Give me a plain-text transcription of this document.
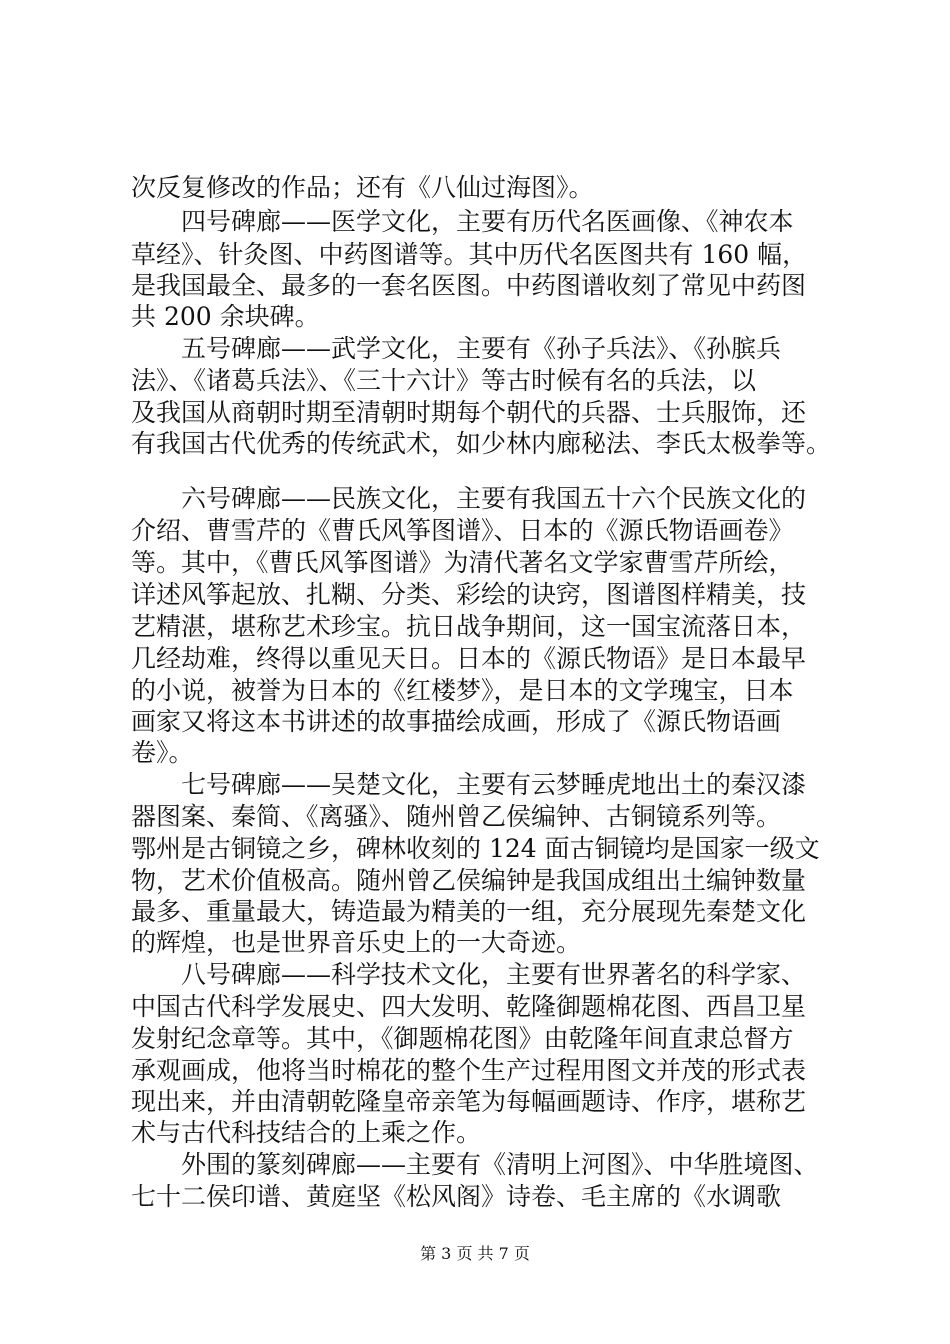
次反复修改的作品；还有《八仙过海图》。
四号碑廊——医学文化，主要有历代名医画像、《神农本
草经》、针灸图、中药图谱等。其中历代名医图共有 160 幅，
是我国最全、最多的一套名医图。中药图谱收刻了常见中药图
共 200 余块碑。
五号碑廊——武学文化，主要有《孙子兵法》、《孙膑兵
法》、《诸葛兵法》、《三十六计》等古时候有名的兵法，以
及我国从商朝时期至清朝时期每个朝代的兵器、士兵服饰，还
有我国古代优秀的传统武术，如少林内廊秘法、李氏太极拳等。
六号碑廊——民族文化，主要有我国五十六个民族文化的
介绍、曹雪芹的《曹氏风筝图谱》、日本的《源氏物语画卷》
等。其中，《曹氏风筝图谱》为清代著名文学家曹雪芹所绘，
详述风筝起放、扎糊、分类、彩绘的诀窍，图谱图样精美，技
艺精湛，堪称艺术珍宝。抗日战争期间，这一国宝流落日本，
几经劫难，终得以重见天日。日本的《源氏物语》是日本最早
的小说，被誉为日本的《红楼梦》，是日本的文学瑰宝，日本
画家又将这本书讲述的故事描绘成画，形成了《源氏物语画
卷》。
七号碑廊——吴楚文化，主要有云梦睡虎地出土的秦汉漆
器图案、秦简、《离骚》、随州曾乙侯编钟、古铜镜系列等。
鄂州是古铜镜之乡，碑林收刻的 124 面古铜镜均是国家一级文
物，艺术价值极高。随州曾乙侯编钟是我国成组出土编钟数量
最多、重量最大，铸造最为精美的一组，充分展现先秦楚文化
的辉煌，也是世界音乐史上的一大奇迹。
八号碑廊——科学技术文化，主要有世界著名的科学家、
中国古代科学发展史、四大发明、乾隆御题棉花图、西昌卫星
发射纪念章等。其中，《御题棉花图》由乾隆年间直隶总督方
承观画成，他将当时棉花的整个生产过程用图文并茂的形式表
现出来，并由清朝乾隆皇帝亲笔为每幅画题诗、作序，堪称艺
术与古代科技结合的上乘之作。
外围的篆刻碑廊——主要有《清明上河图》、中华胜境图、
七十二侯印谱、黄庭坚《松风阁》诗卷、毛主席的《水调歌
第 3 页 共 7 页
